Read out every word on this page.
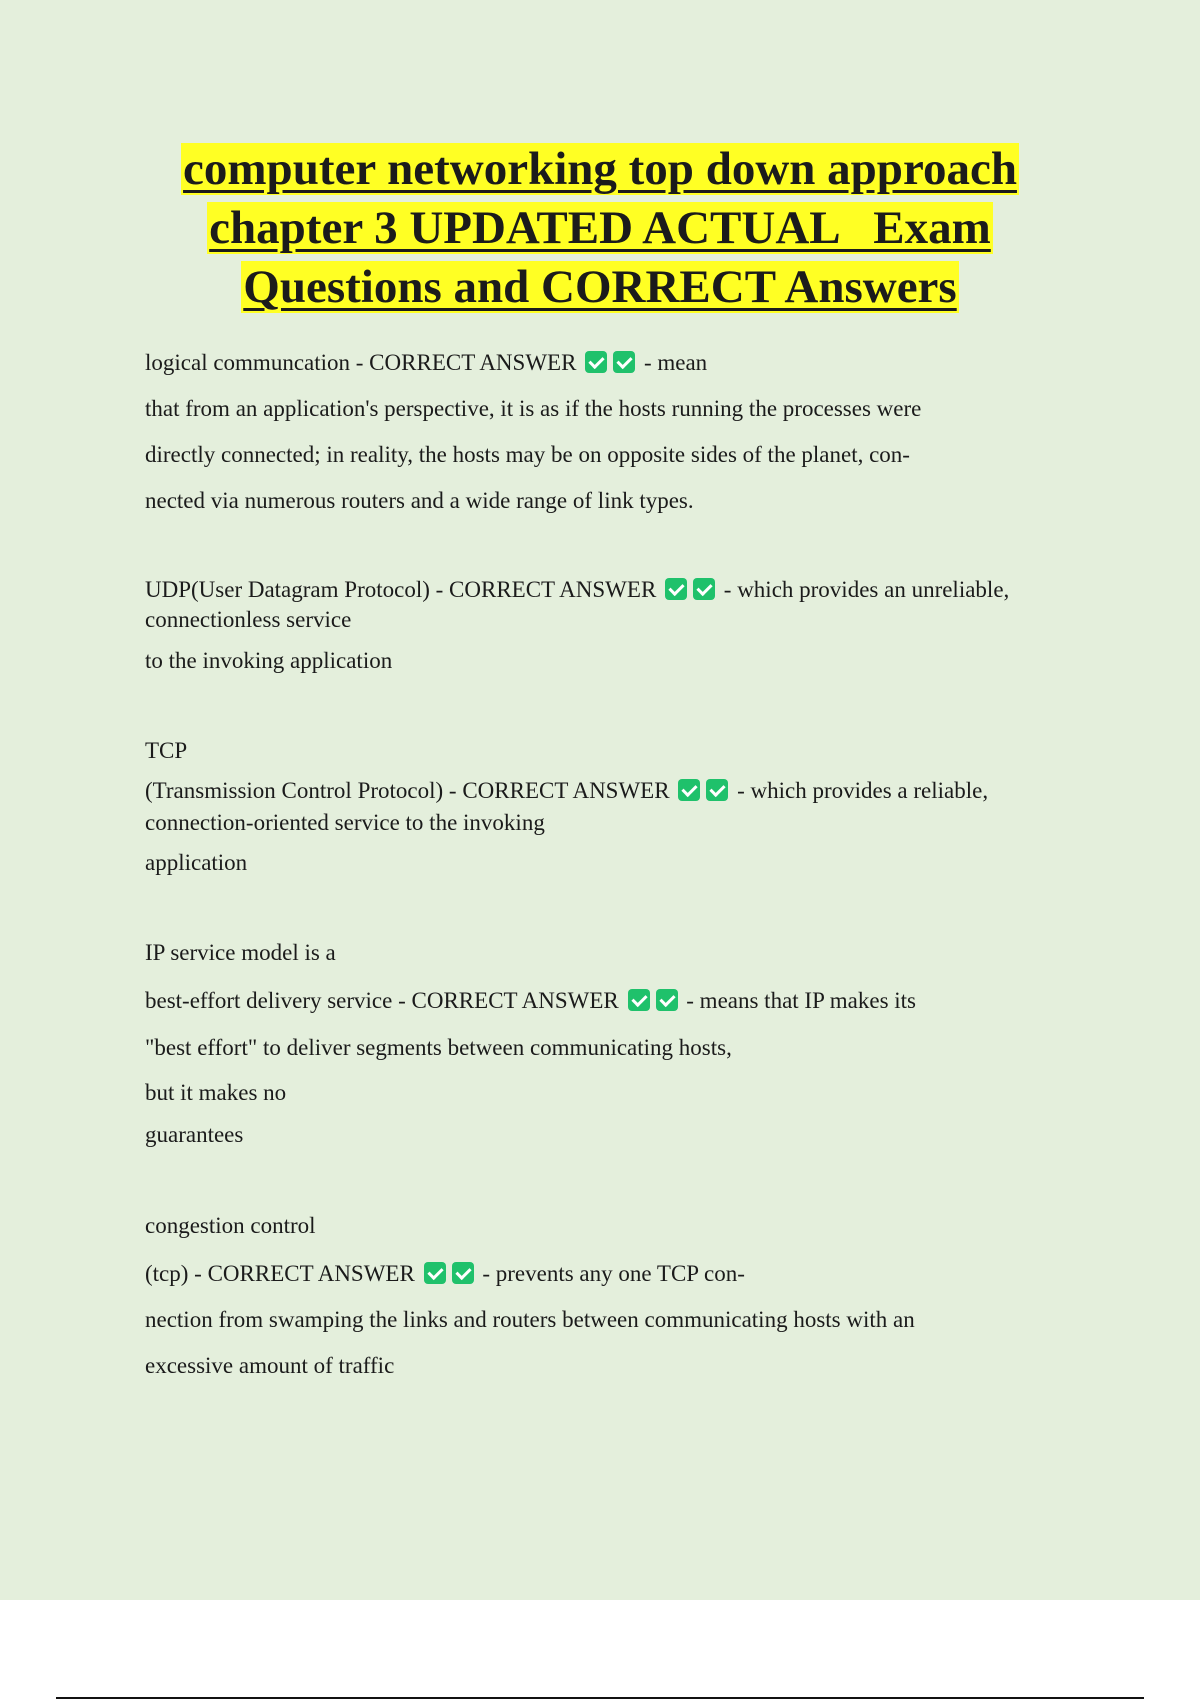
computer networking top down approach
chapter 3 UPDATED ACTUAL   Exam
Questions and CORRECT Answers
logical communcation - CORRECT ANSWER	- mean
that from an application's perspective, it is as if the hosts running the processes were
directly connected; in reality, the hosts may be on opposite sides of the planet, con-
nected via numerous routers and a wide range of link types.
UDP(User Datagram Protocol) - CORRECT ANSWER	- which provides an unreliable,
connectionless service
to the invoking application
TCP
(Transmission Control Protocol) - CORRECT ANSWER	- which provides a reliable,
connection-oriented service to the invoking
application
IP service model is a
best-effort delivery service - CORRECT ANSWER	- means that IP makes its
"best effort" to deliver segments between communicating hosts,
but it makes no
guarantees
congestion control
(tcp) - CORRECT ANSWER	- prevents any one TCP con-
nection from swamping the links and routers between communicating hosts with an
excessive amount of traffic
